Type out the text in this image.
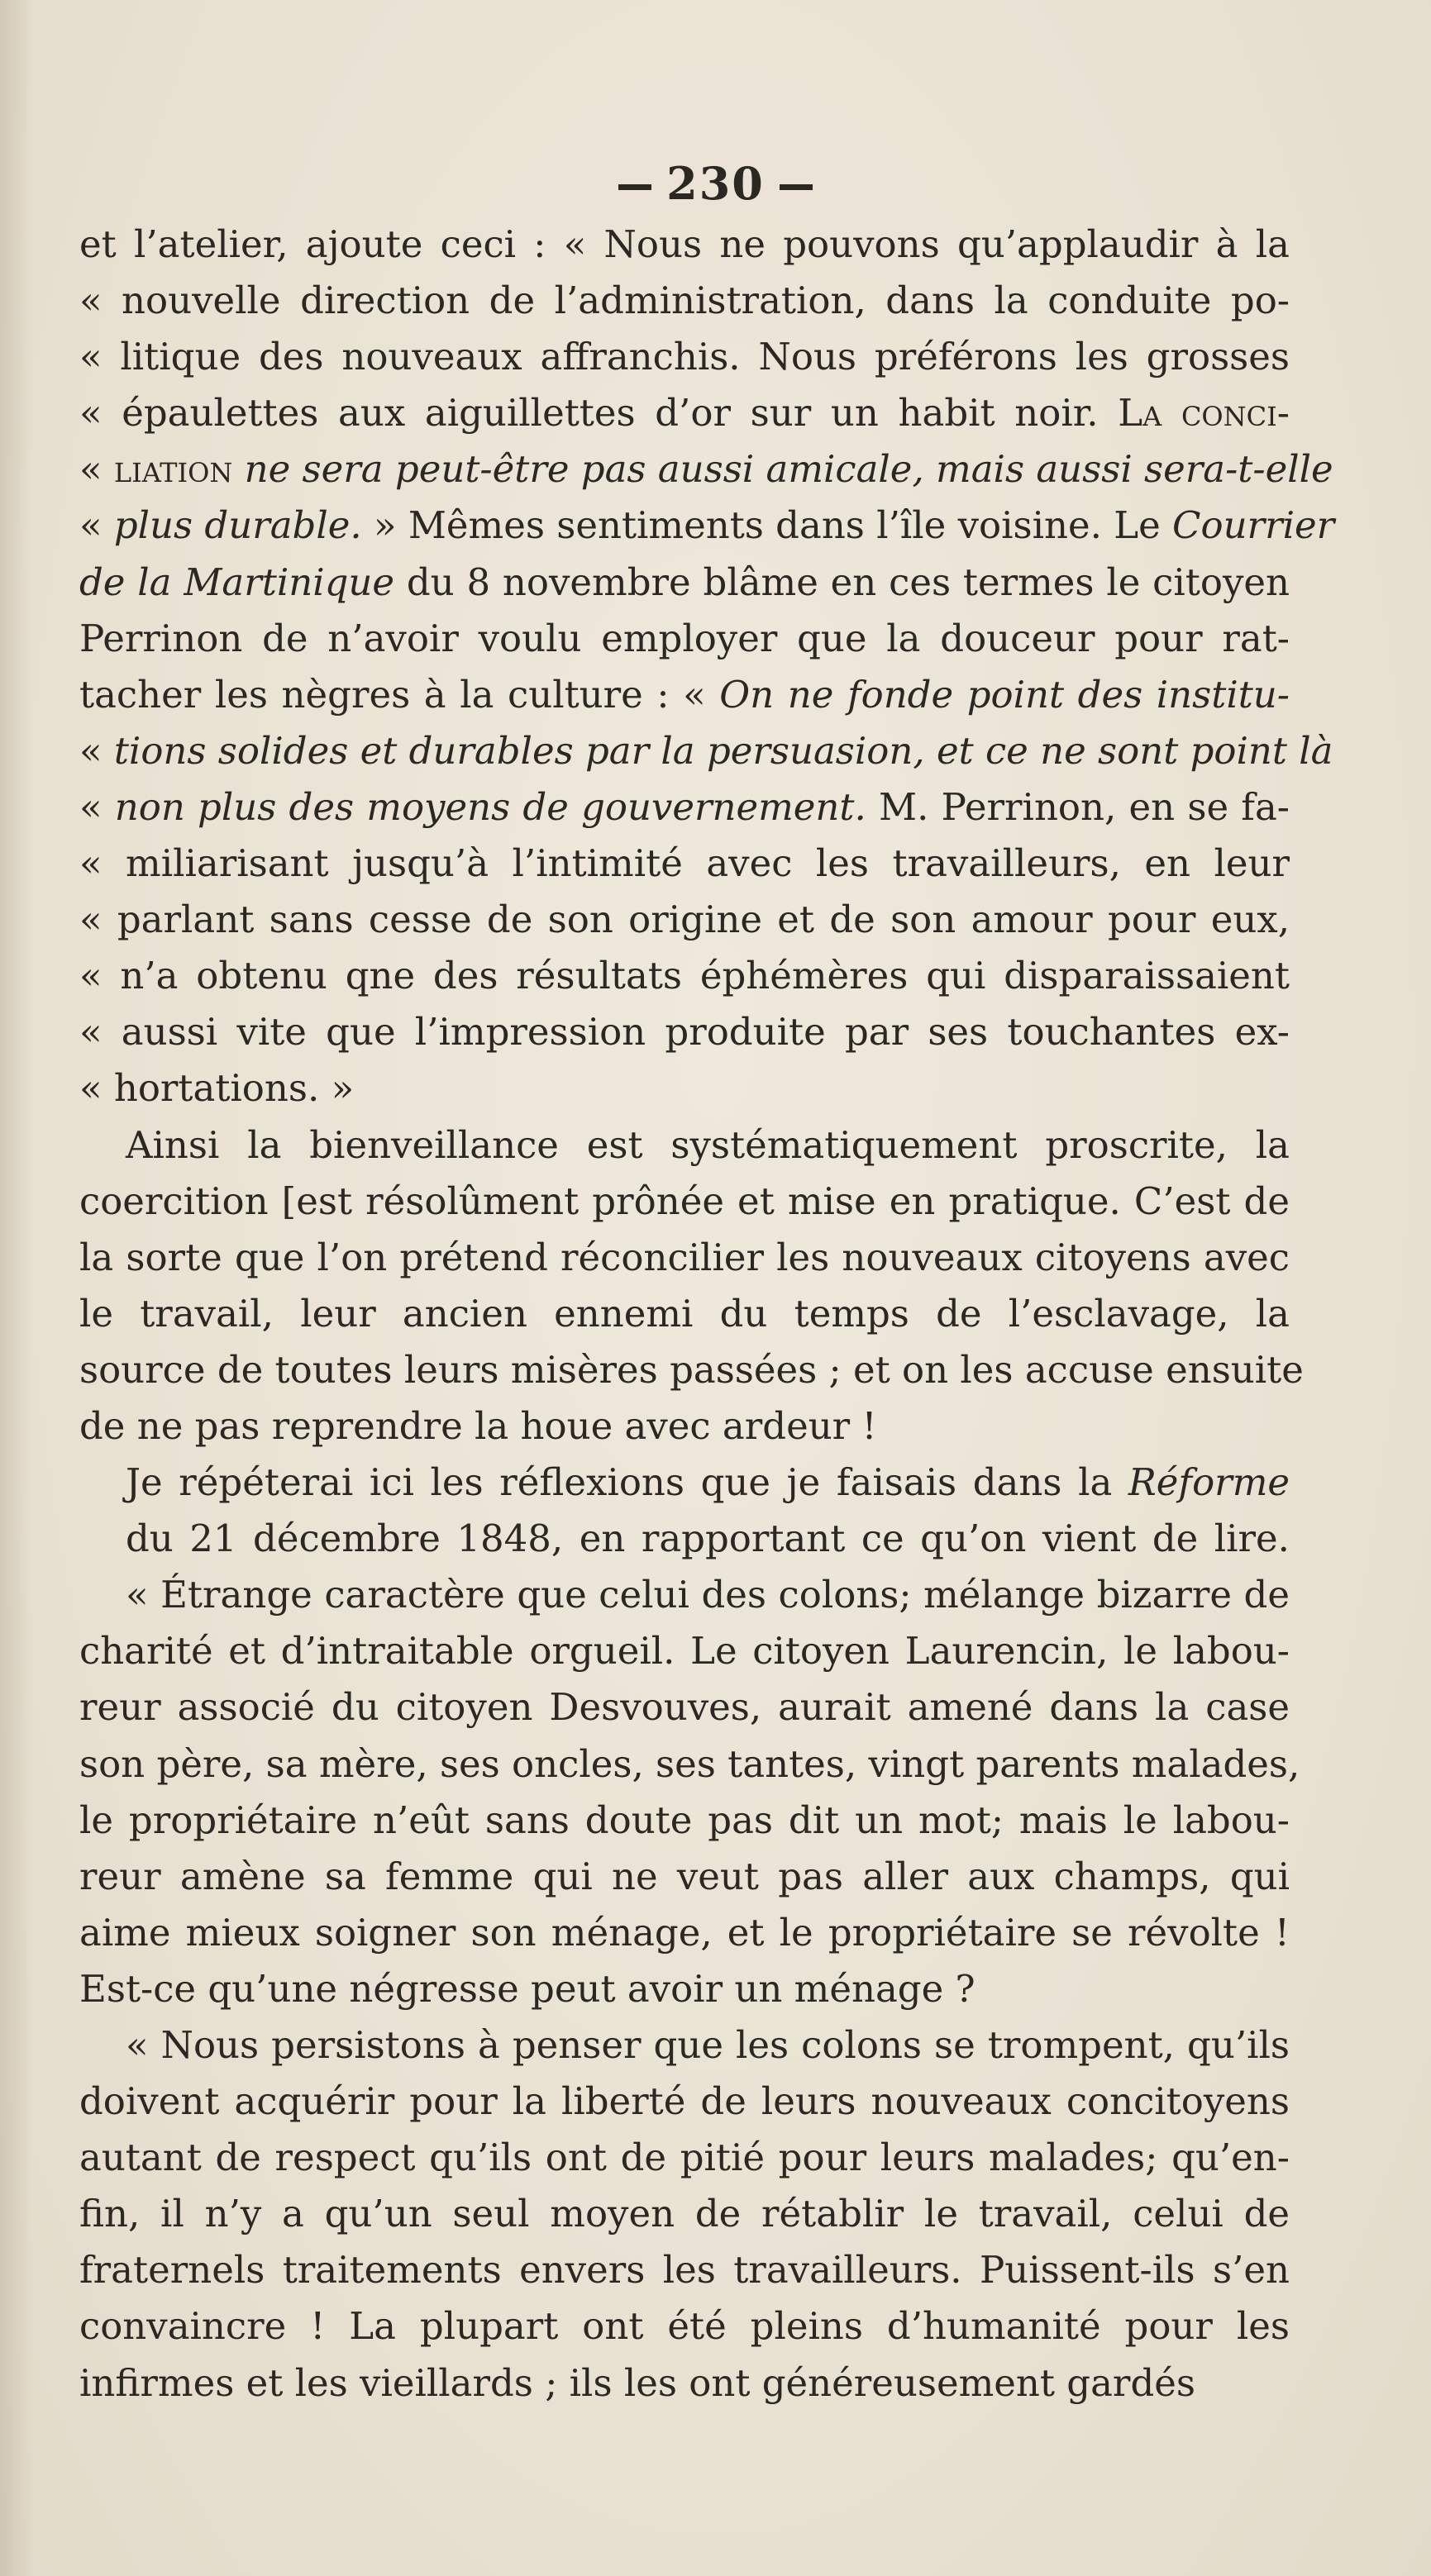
230
et l’atelier, ajoute ceci : « Nous ne pouvons qu’applaudir à la
« nouvelle direction de l’administration, dans la conduite po-
« litique des nouveaux affranchis. Nous préférons les grosses
« épaulettes aux aiguillettes d’or sur un habit noir. La conci-
« liation ne sera peut-être pas aussi amicale, mais aussi sera-t-elle
« plus durable. » Mêmes sentiments dans l’île voisine. Le Courrier
de la Martinique du 8 novembre blâme en ces termes le citoyen
Perrinon de n’avoir voulu employer que la douceur pour rat-
tacher les nègres à la culture : « On ne fonde point des institu-
« tions solides et durables par la persuasion, et ce ne sont point là
« non plus des moyens de gouvernement. M. Perrinon, en se fa-
« miliarisant jusqu’à l’intimité avec les travailleurs, en leur
« parlant sans cesse de son origine et de son amour pour eux,
« n’a obtenu qne des résultats éphémères qui disparaissaient
« aussi vite que l’impression produite par ses touchantes ex-
« hortations. »
Ainsi la bienveillance est systématiquement proscrite, la
coercition [est résolûment prônée et mise en pratique. C’est de
la sorte que l’on prétend réconcilier les nouveaux citoyens avec
le travail, leur ancien ennemi du temps de l’esclavage, la
source de toutes leurs misères passées ; et on les accuse ensuite
de ne pas reprendre la houe avec ardeur !
Je répéterai ici les réflexions que je faisais dans la Réforme
du 21 décembre 1848, en rapportant ce qu’on vient de lire.
« Étrange caractère que celui des colons; mélange bizarre de
charité et d’intraitable orgueil. Le citoyen Laurencin, le labou-
reur associé du citoyen Desvouves, aurait amené dans la case
son père, sa mère, ses oncles, ses tantes, vingt parents malades,
le propriétaire n’eût sans doute pas dit un mot; mais le labou-
reur amène sa femme qui ne veut pas aller aux champs, qui
aime mieux soigner son ménage, et le propriétaire se révolte !
Est-ce qu’une négresse peut avoir un ménage ?
« Nous persistons à penser que les colons se trompent, qu’ils
doivent acquérir pour la liberté de leurs nouveaux concitoyens
autant de respect qu’ils ont de pitié pour leurs malades; qu’en-
fin, il n’y a qu’un seul moyen de rétablir le travail, celui de
fraternels traitements envers les travailleurs. Puissent-ils s’en
convaincre ! La plupart ont été pleins d’humanité pour les
infirmes et les vieillards ; ils les ont généreusement gardés
